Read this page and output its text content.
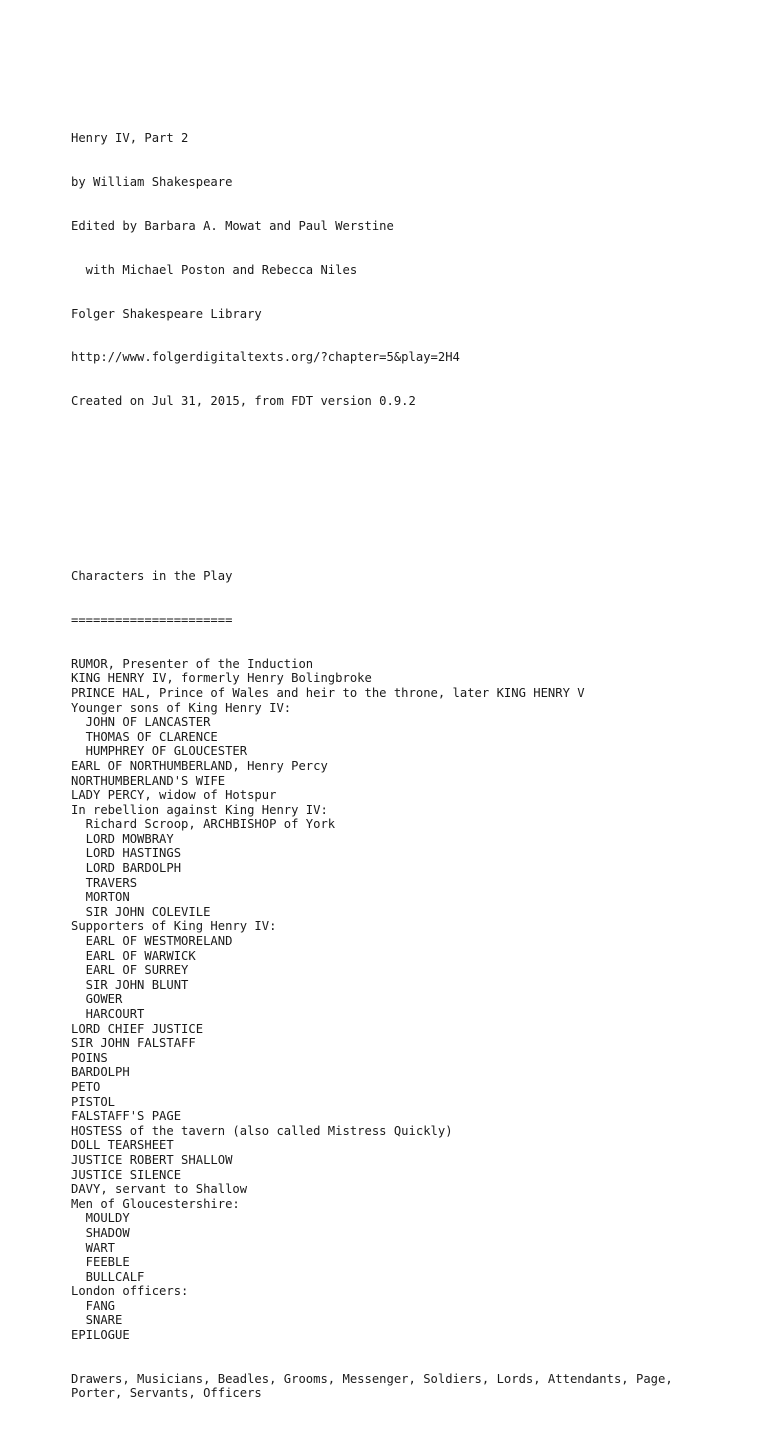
Henry IV, Part 2

by William Shakespeare

Edited by Barbara A. Mowat and Paul Werstine

with Michael Poston and Rebecca Niles

Folger Shakespeare Library

http://www.folgerdigitaltexts.org/?chapter=5&play=2H4

Created on Jul 31, 2015, from FDT version 0.9.2

Characters in the Play

======================

RUMOR, Presenter of the Induction
KING HENRY IV, formerly Henry Bolingbroke
PRINCE HAL, Prince of Wales and heir to the throne, later KING HENRY V
Younger sons of King Henry IV:
JOHN OF LANCASTER
THOMAS OF CLARENCE
HUMPHREY OF GLOUCESTER
EARL OF NORTHUMBERLAND, Henry Percy
NORTHUMBERLAND'S WIFE
LADY PERCY, widow of Hotspur
In rebellion against King Henry IV:
Richard Scroop, ARCHBISHOP of York
LORD MOWBRAY
LORD HASTINGS
LORD BARDOLPH
TRAVERS
MORTON
SIR JOHN COLEVILE
Supporters of King Henry IV:
EARL OF WESTMORELAND
EARL OF WARWICK
EARL OF SURREY
SIR JOHN BLUNT
GOWER
HARCOURT
LORD CHIEF JUSTICE
SIR JOHN FALSTAFF
POINS
BARDOLPH
PETO
PISTOL
FALSTAFF'S PAGE
HOSTESS of the tavern (also called Mistress Quickly)
DOLL TEARSHEET
JUSTICE ROBERT SHALLOW
JUSTICE SILENCE
DAVY, servant to Shallow
Men of Gloucestershire:
MOULDY
SHADOW
WART
FEEBLE
BULLCALF
London officers:
FANG
SNARE
EPILOGUE

Drawers, Musicians, Beadles, Grooms, Messenger, Soldiers, Lords, Attendants, Page, Porter, Servants, Officers
